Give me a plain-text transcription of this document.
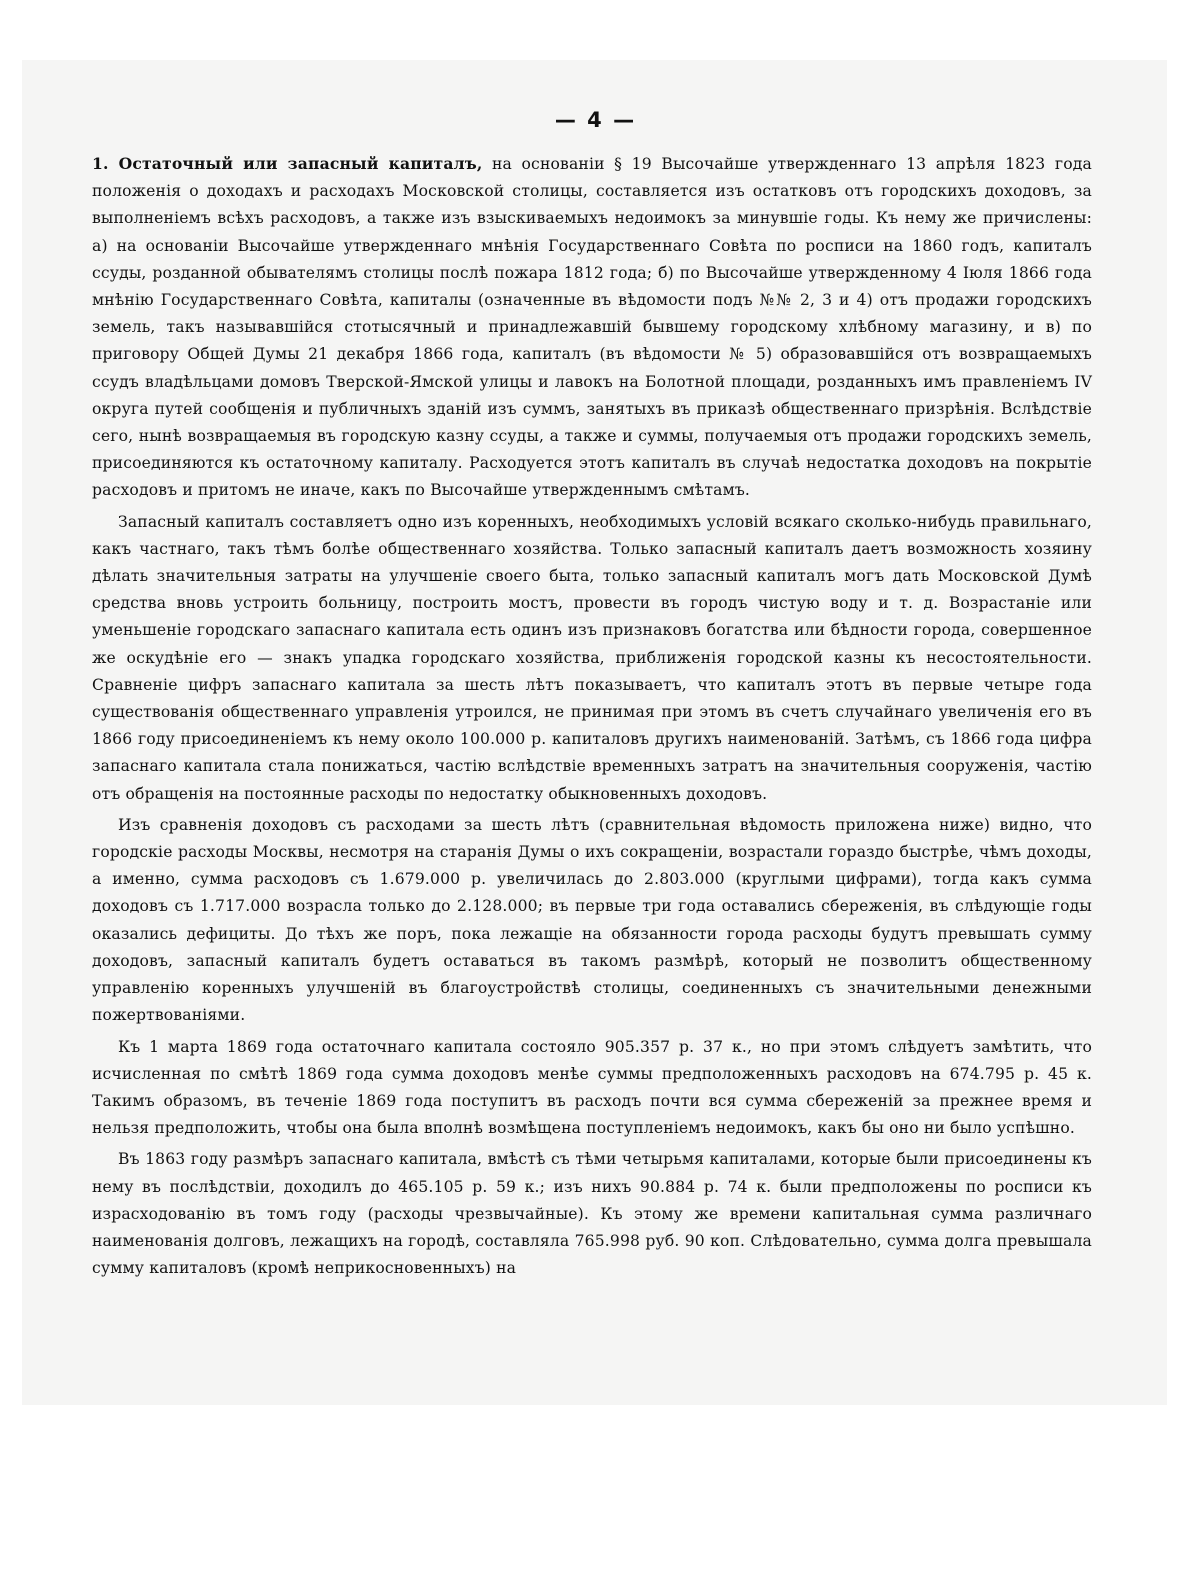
— 4 —

1. Остаточный или запасный капиталъ, на основаніи § 19 Высочайше утвержденнаго 13 апрѣля 1823 года положенія о доходахъ и расходахъ Московской столицы, составляется изъ остатковъ отъ городскихъ доходовъ, за выполненіемъ всѣхъ расходовъ, а также изъ взыскиваемыхъ недоимокъ за минувшіе годы. Къ нему же причислены: а) на основаніи Высочайше утвержденнаго мнѣнія Государственнаго Совѣта по росписи на 1860 годъ, капиталъ ссуды, розданной обывателямъ столицы послѣ пожара 1812 года; б) по Высочайше утвержденному 4 Іюля 1866 года мнѣнію Государственнаго Совѣта, капиталы (означенные въ вѣдомости подъ №№ 2, 3 и 4) отъ продажи городскихъ земель, такъ называвшійся стотысячный и принадлежавшій бывшему городскому хлѣбному магазину, и в) по приговору Общей Думы 21 декабря 1866 года, капиталъ (въ вѣдомости № 5) образовавшійся отъ возвращаемыхъ ссудъ владѣльцами домовъ Тверской-Ямской улицы и лавокъ на Болотной площади, розданныхъ имъ правленіемъ IV округа путей сообщенія и публичныхъ зданій изъ суммъ, занятыхъ въ приказѣ общественнаго призрѣнія. Вслѣдствіе сего, нынѣ возвращаемыя въ городскую казну ссуды, а также и суммы, получаемыя отъ продажи городскихъ земель, присоединяются къ остаточному капиталу. Расходуется этотъ капиталъ въ случаѣ недостатка доходовъ на покрытіе расходовъ и притомъ не иначе, какъ по Высочайше утвержденнымъ смѣтамъ.

Запасный капиталъ составляетъ одно изъ коренныхъ, необходимыхъ условій всякаго сколько-нибудь правильнаго, какъ частнаго, такъ тѣмъ болѣе общественнаго хозяйства. Только запасный капиталъ даетъ возможность хозяину дѣлать значительныя затраты на улучшеніе своего быта, только запасный капиталъ могъ дать Московской Думѣ средства вновь устроить больницу, построить мостъ, провести въ городъ чистую воду и т. д. Возрастаніе или уменьшеніе городскаго запаснаго капитала есть одинъ изъ признаковъ богатства или бѣдности города, совершенное же оскудѣніе его — знакъ упадка городскаго хозяйства, приближенія городской казны къ несостоятельности. Сравненіе цифръ запаснаго капитала за шесть лѣтъ показываетъ, что капиталъ этотъ въ первые четыре года существованія общественнаго управленія утроился, не принимая при этомъ въ счетъ случайнаго увеличенія его въ 1866 году присоединеніемъ къ нему около 100.000 р. капиталовъ другихъ наименованій. Затѣмъ, съ 1866 года цифра запаснаго капитала стала понижаться, частію вслѣдствіе временныхъ затратъ на значительныя сооруженія, частію отъ обращенія на постоянные расходы по недостатку обыкновенныхъ доходовъ.

Изъ сравненія доходовъ съ расходами за шесть лѣтъ (сравнительная вѣдомость приложена ниже) видно, что городскіе расходы Москвы, несмотря на старанія Думы о ихъ сокращеніи, возрастали гораздо быстрѣе, чѣмъ доходы, а именно, сумма расходовъ съ 1.679.000 р. увеличилась до 2.803.000 (круглыми цифрами), тогда какъ сумма доходовъ съ 1.717.000 возрасла только до 2.128.000; въ первые три года оставались сбереженія, въ слѣдующіе годы оказались дефициты. До тѣхъ же поръ, пока лежащіе на обязанности города расходы будутъ превышать сумму доходовъ, запасный капиталъ будетъ оставаться въ такомъ размѣрѣ, который не позволитъ общественному управленію коренныхъ улучшеній въ благоустройствѣ столицы, соединенныхъ съ значительными денежными пожертвованіями.

Къ 1 марта 1869 года остаточнаго капитала состояло 905.357 р. 37 к., но при этомъ слѣдуетъ замѣтить, что исчисленная по смѣтѣ 1869 года сумма доходовъ менѣе суммы предположенныхъ расходовъ на 674.795 р. 45 к. Такимъ образомъ, въ теченіе 1869 года поступитъ въ расходъ почти вся сумма сбереженій за прежнее время и нельзя предположить, чтобы она была вполнѣ возмѣщена поступленіемъ недоимокъ, какъ бы оно ни было успѣшно.

Въ 1863 году размѣръ запаснаго капитала, вмѣстѣ съ тѣми четырьмя капиталами, которые были присоединены къ нему въ послѣдствіи, доходилъ до 465.105 р. 59 к.; изъ нихъ 90.884 р. 74 к. были предположены по росписи къ израсходованію въ томъ году (расходы чрезвычайные). Къ этому же времени капитальная сумма различнаго наименованія долговъ, лежащихъ на городѣ, составляла 765.998 руб. 90 коп. Слѣдовательно, сумма долга превышала сумму капиталовъ (кромѣ неприкосновенныхъ) на
